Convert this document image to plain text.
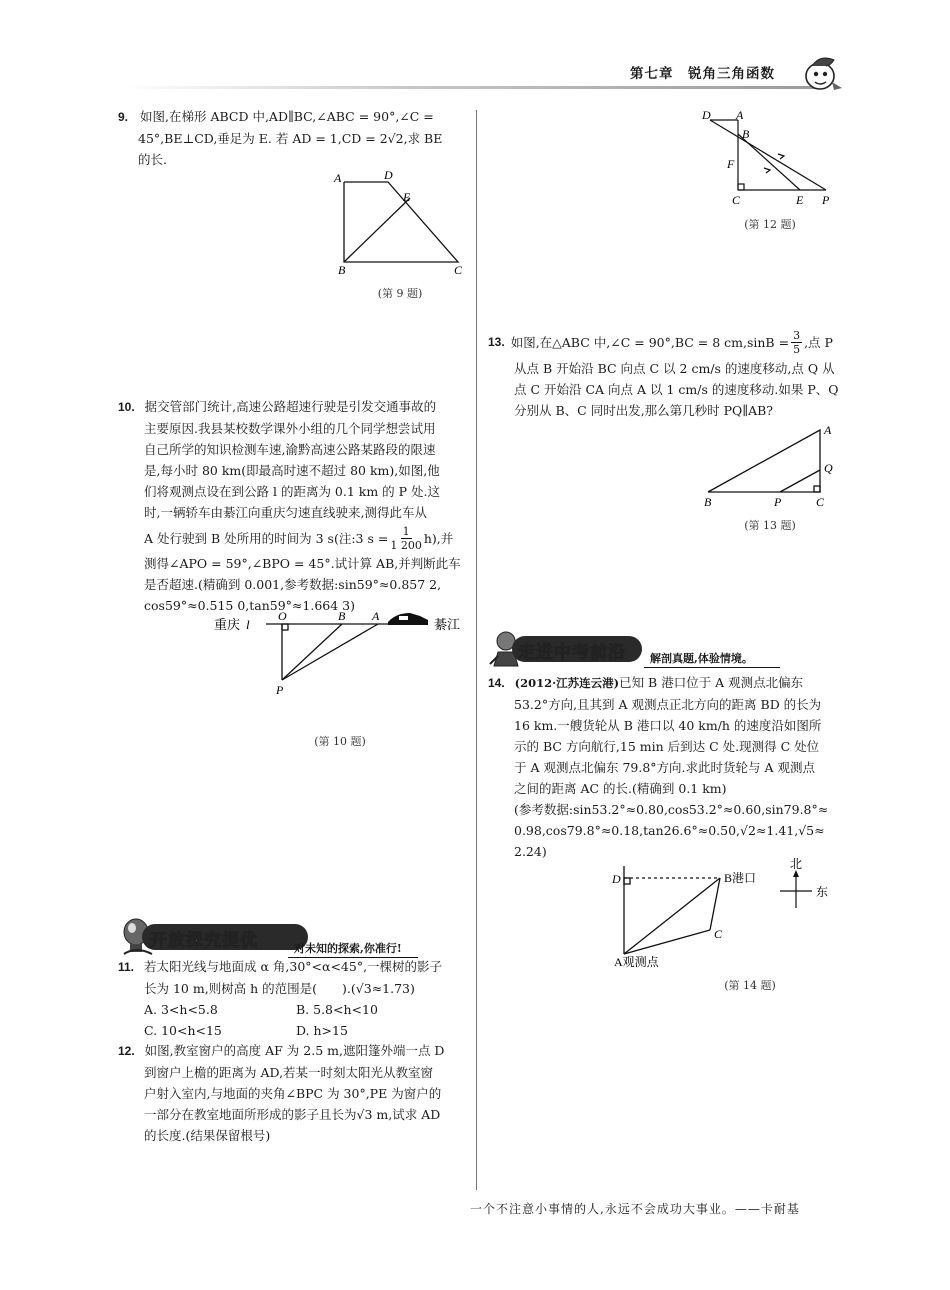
第七章　锐角三角函数
9. 如图,在梯形 ABCD 中,AD∥BC,∠ABC = 90°,∠C =
45°,BE⊥CD,垂足为 E. 若 AD = 1,CD = 2√2,求 BE
的长.
A	D
E
B	C
(第 9 题)
10. 据交管部门统计,高速公路超速行驶是引发交通事故的
主要原因.我县某校数学课外小组的几个同学想尝试用
自己所学的知识检测车速,渝黔高速公路某路段的限速
是,每小时 80 km(即最高时速不超过 80 km),如图,他
们将观测点设在到公路 l 的距离为 0.1 km 的 P 处.这
时,一辆轿车由綦江向重庆匀速直线驶来,测得此车从
A 处行驶到 B 处所用的时间为 3 s(注:3 $s = \frac{1}{1 200} h$),并
测得∠APO = 59°,∠BPO = 45°.试计算 AB,并判断此车
是否超速.(精确到 0.001,参考数据:sin59°≈0.857 2,
cos59°≈0.515 0,tan59°≈1.664 3)
重庆 l	綦江
O	B A
P
(第 10 题)
开放探究提优	对未知的探索,你准行!
11. 若太阳光线与地面成 α 角,30°<α<45°,一棵树的影子
长为 10 m,则树高 h 的范围是(　　).(√3≈1.73)
A. 3<h<5.8	B. 5.8<h<10
C. 10<h<15	D. h>15
12. 如图,教室窗户的高度 AF 为 2.5 m,遮阳篷外端一点 D
到窗户上檐的距离为 AD,若某一时刻太阳光从教室窗
户射入室内,与地面的夹角∠BPC 为 30°,PE 为窗户的
一部分在教室地面所形成的影子且长为√3 m,试求 AD
的长度.(结果保留根号)
D A
B
F
C	E P
(第 12 题)
13. 如图,在△ABC 中,∠C = 90°,BC = 8 $cm,\sin B = \frac{3}{5}$ ,点 P
从点 B 开始沿 BC 向点 C 以 2 cm/s 的速度移动,点 Q 从
点 C 开始沿 CA 向点 A 以 1 cm/s 的速度移动.如果 P、Q
分别从 B、C 同时出发,那么第几秒时 PQ∥AB?
A
Q
B	P	C
(第 13 题)
走进中考前沿	解剖真题,体验情境。
14. (2012·江苏连云港)已知 B 港口位于 A 观测点北偏东
53.2°方向,且其到 A 观测点正北方向的距离 BD 的长为
16 km.一艘货轮从 B 港口以 40 km/h 的速度沿如图所
示的 BC 方向航行,15 min 后到达 C 处.现测得 C 处位
于 A 观测点北偏东 79.8°方向.求此时货轮与 A 观测点
之间的距离 AC 的长.(精确到 0.1 km)
(参考数据:sin53.2°≈0.80,cos53.2°≈0.60,sin79.8°≈
0.98,cos79.8°≈0.18,tan26.6°≈0.50,√2≈1.41,√5≈
2.24)
D	B港口
C
A观测点
北
东
(第 14 题)
一个不注意小事情的人,永远不会成功大事业。——卡耐基
